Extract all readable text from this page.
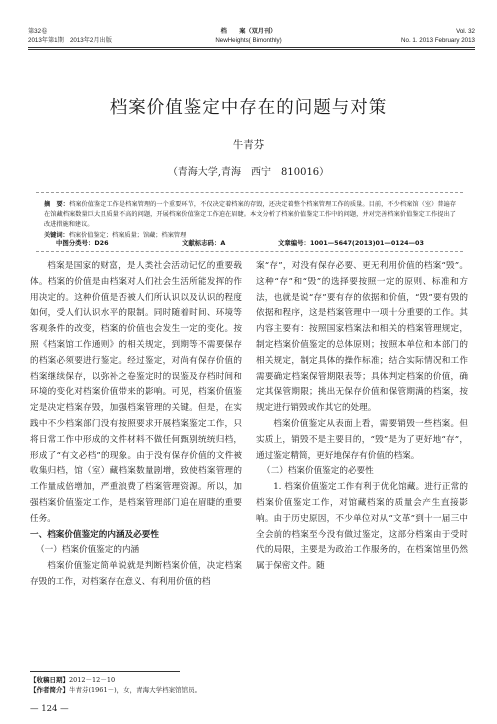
第32卷
2013年第1期　2013年2月出版
档　　案（双月刊）
NewHeights( Bimonthly)
Vol. 32
No. 1. 2013 February 2013
档案价值鉴定中存在的问题与对策
牛青芬
（青海大学,青海　西宁　810016）
摘　要：档案价值鉴定工作是档案管理的一个重要环节，不仅决定着档案的存毁，还决定着整个档案管理工作的质量。目前，不少档案馆（室）普遍存在馆藏档案数量巨大且质量不高的问题，开展档案价值鉴定工作迫在眉睫。本文分析了档案价值鉴定工作中的问题，并对完善档案价值鉴定工作提出了改进措施和建议。
关键词：档案价值鉴定；档案质量；馆藏；档案管理
中图分类号：D26	文献标志码：A	文章编号：1001—5647(2013)01—0124—03

档案是国家的财富，是人类社会活动记忆的重要载体。档案的价值是由档案对人们社会生活所能发挥的作用决定的。这种价值是否被人们所认识以及认识的程度如何，受人们认识水平的限制。同时随着时间、环境等客观条件的改变，档案的价值也会发生一定的变化。按照《档案馆工作通则》的相关规定，到期等不需要保存的档案必须要进行鉴定。经过鉴定，对尚有保存价值的档案继续保存，以弥补之卷鉴定时的误鉴及存档时间和环境的变化对档案价值带来的影响。可见，档案价值鉴定是决定档案存毁，加强档案管理的关键。但是，在实践中不少档案部门没有按照要求开展档案鉴定工作，只将日常工作中形成的文件材料不做任何甄别统统归档，形成了“有文必档”的现象。由于没有保存价值的文件被收集归档，馆（室）藏档案数量剧增，致使档案管理的工作量成倍增加，严重浪费了档案管理资源。所以，加强档案价值鉴定工作，是档案管理部门追在眉睫的重要任务。

一、档案价值鉴定的内涵及必要性

（一）档案价值鉴定的内涵

档案价值鉴定简单说就是判断档案价值，决定档案存毁的工作，对档案存在意义、有利用价值的档

案“存”，对没有保存必要、更无利用价值的档案“毁”。这种“存”和“毁”的选择要按照一定的原则、标准和方法，也就是说“存”要有存的依据和价值，“毁”要有毁的依据和程序，这是档案管理中一项十分重要的工作。其内容主要有：按照国家档案法和相关的档案管理规定，制定档案价值鉴定的总体原则；按照本单位和本部门的相关规定，制定具体的操作标准；结合实际情况和工作需要确定档案保管期限表等；具体判定档案的价值，确定其保管期限；挑出无保存价值和保管期满的档案，按规定进行销毁或作其它的处理。

档案价值鉴定从表面上看，需要销毁一些档案。但实质上，销毁不是主要目的，“毁”是为了更好地“存”，通过鉴定精简，更好地保存有价值的档案。

（二）档案价值鉴定的必要性

1. 档案价值鉴定工作有利于优化馆藏。进行正常的档案价值鉴定工作，对馆藏档案的质量会产生直接影响。由于历史原因，不少单位对从“文革”到十一届三中全会前的档案至今没有做过鉴定，这部分档案由于受时代的局限，主要是为政治工作服务的，在档案馆里仍然属于保密文件。随

【收稿日期】2012－12－10
【作者简介】牛青芬(1961－)，女，青海大学档案馆馆员。
— 124 —
